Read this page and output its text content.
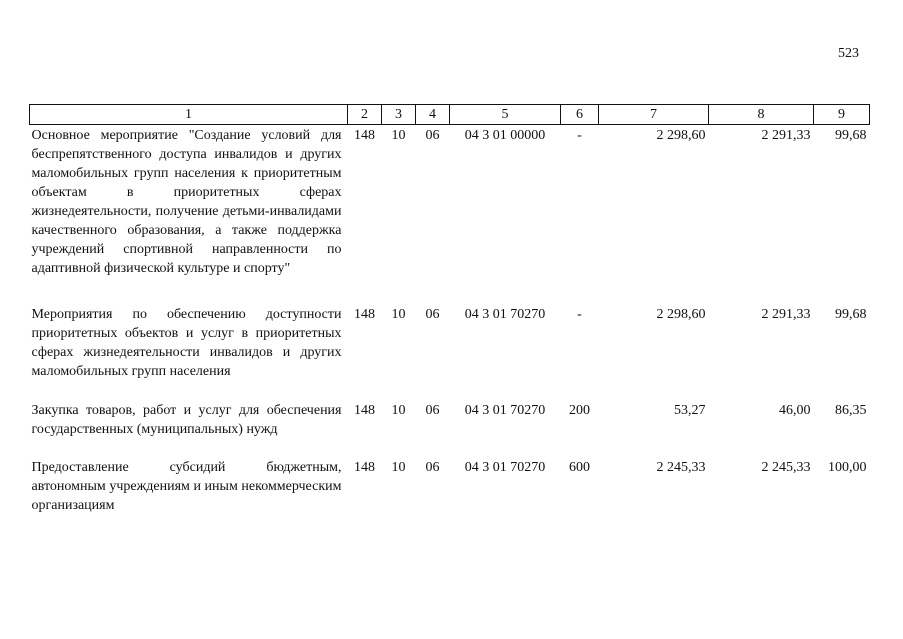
523
1	2	3	4	5	6	7	8	9
Основное мероприятие "Создание условий для беспрепятственного доступа инвалидов и других маломобильных групп населения к приоритетным объектам в приоритетных сферах жизнедеятельности, получение детьми-инвалидами качественного образования, а также поддержка учреждений спортивной направленности по адаптивной физической культуре и спорту"	148	10	06	04 3 01 00000	-	2 298,60	2 291,33	99,68
Мероприятия по обеспечению доступности приоритетных объектов и услуг в приоритетных сферах жизнедеятельности инвалидов и других маломобильных групп населения	148	10	06	04 3 01 70270	-	2 298,60	2 291,33	99,68
Закупка товаров, работ и услуг для обеспечения государственных (муниципальных) нужд	148	10	06	04 3 01 70270	200	53,27	46,00	86,35
Предоставление субсидий бюджетным, автономным учреждениям и иным некоммерческим организациям	148	10	06	04 3 01 70270	600	2 245,33	2 245,33	100,00
